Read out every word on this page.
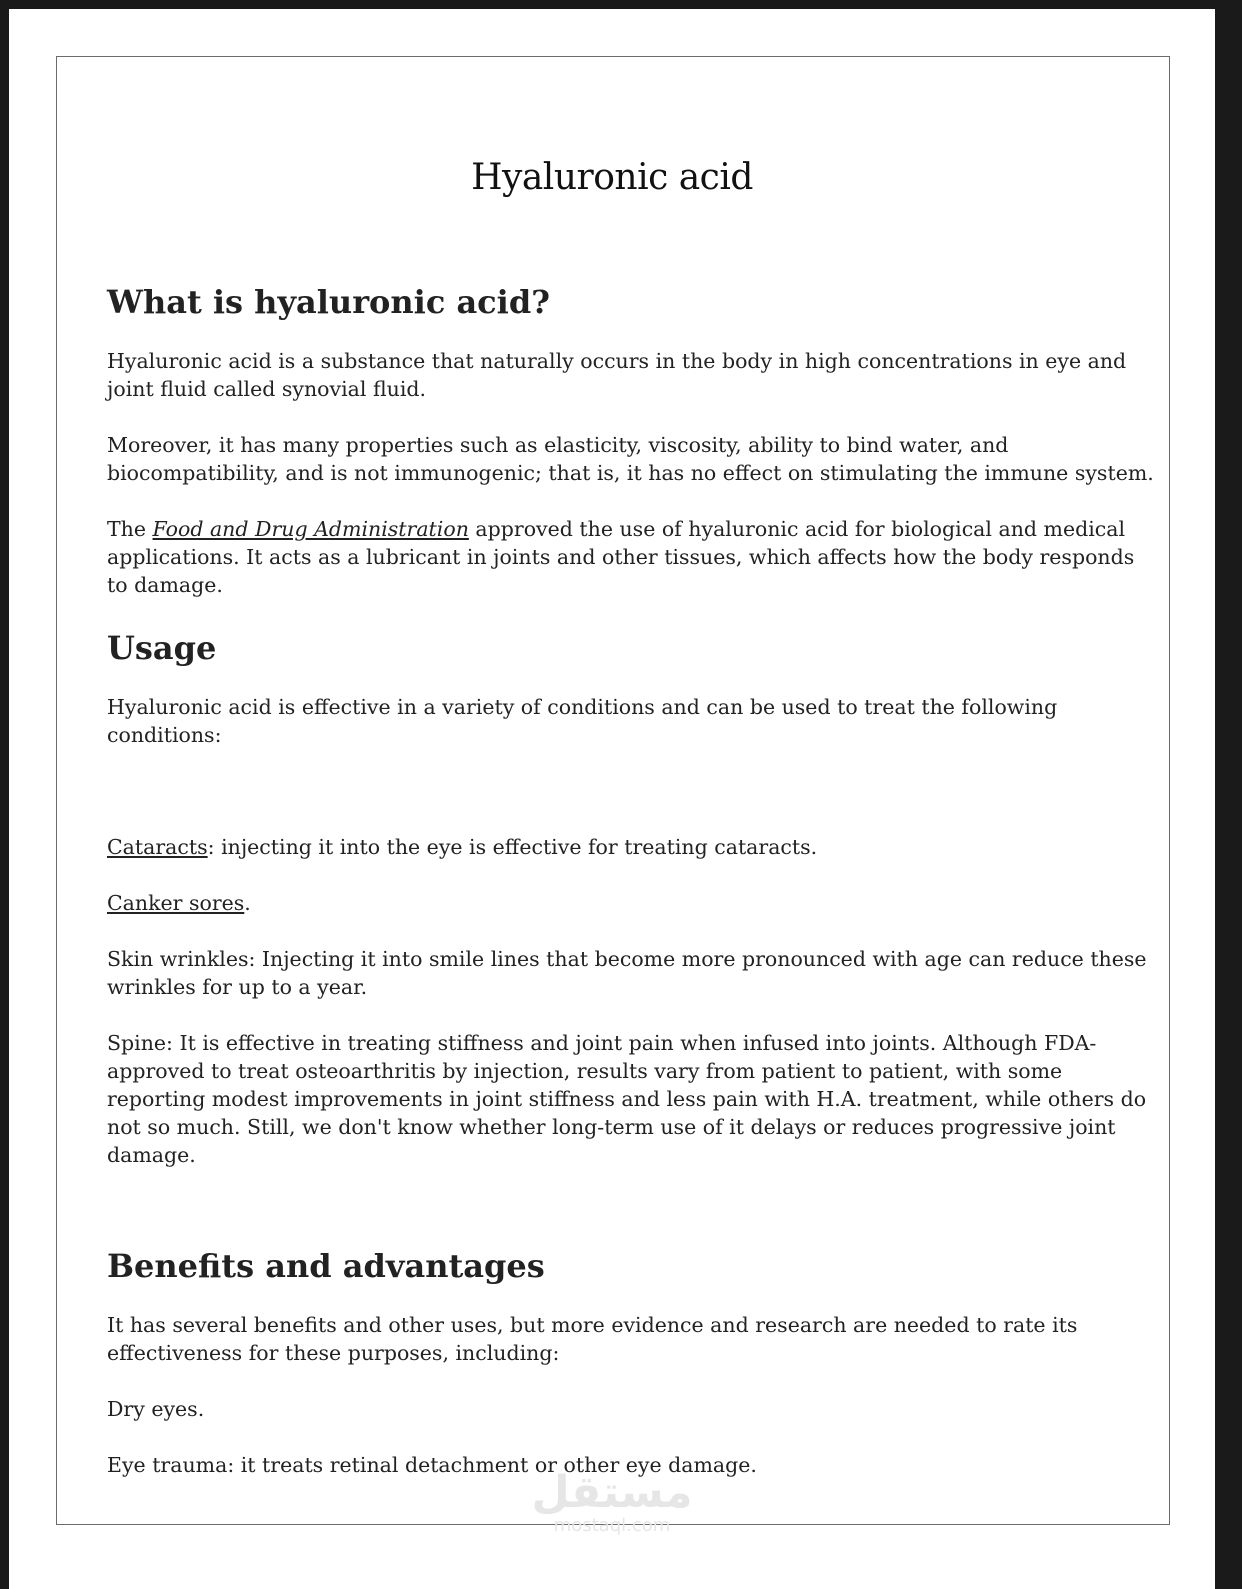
Hyaluronic acid
What is hyaluronic acid?

Hyaluronic acid is a substance that naturally occurs in the body in high concentrations in eye and joint fluid called synovial fluid.

Moreover, it has many properties such as elasticity, viscosity, ability to bind water, and biocompatibility, and is not immunogenic; that is, it has no effect on stimulating the immune system.

The Food and Drug Administration approved the use of hyaluronic acid for biological and medical applications. It acts as a lubricant in joints and other tissues, which affects how the body responds to damage.

Usage

Hyaluronic acid is effective in a variety of conditions and can be used to treat the following conditions:

Cataracts: injecting it into the eye is effective for treating cataracts.

Canker sores.

Skin wrinkles: Injecting it into smile lines that become more pronounced with age can reduce these wrinkles for up to a year.

Spine: It is effective in treating stiffness and joint pain when infused into joints. Although FDA-approved to treat osteoarthritis by injection, results vary from patient to patient, with some reporting modest improvements in joint stiffness and less pain with H.A. treatment, while others do not so much. Still, we don't know whether long-term use of it delays or reduces progressive joint damage.

Benefits and advantages

It has several benefits and other uses, but more evidence and research are needed to rate its effectiveness for these purposes, including:

Dry eyes.

Eye trauma: it treats retinal detachment or other eye damage.

مستقل
mostaql.com
